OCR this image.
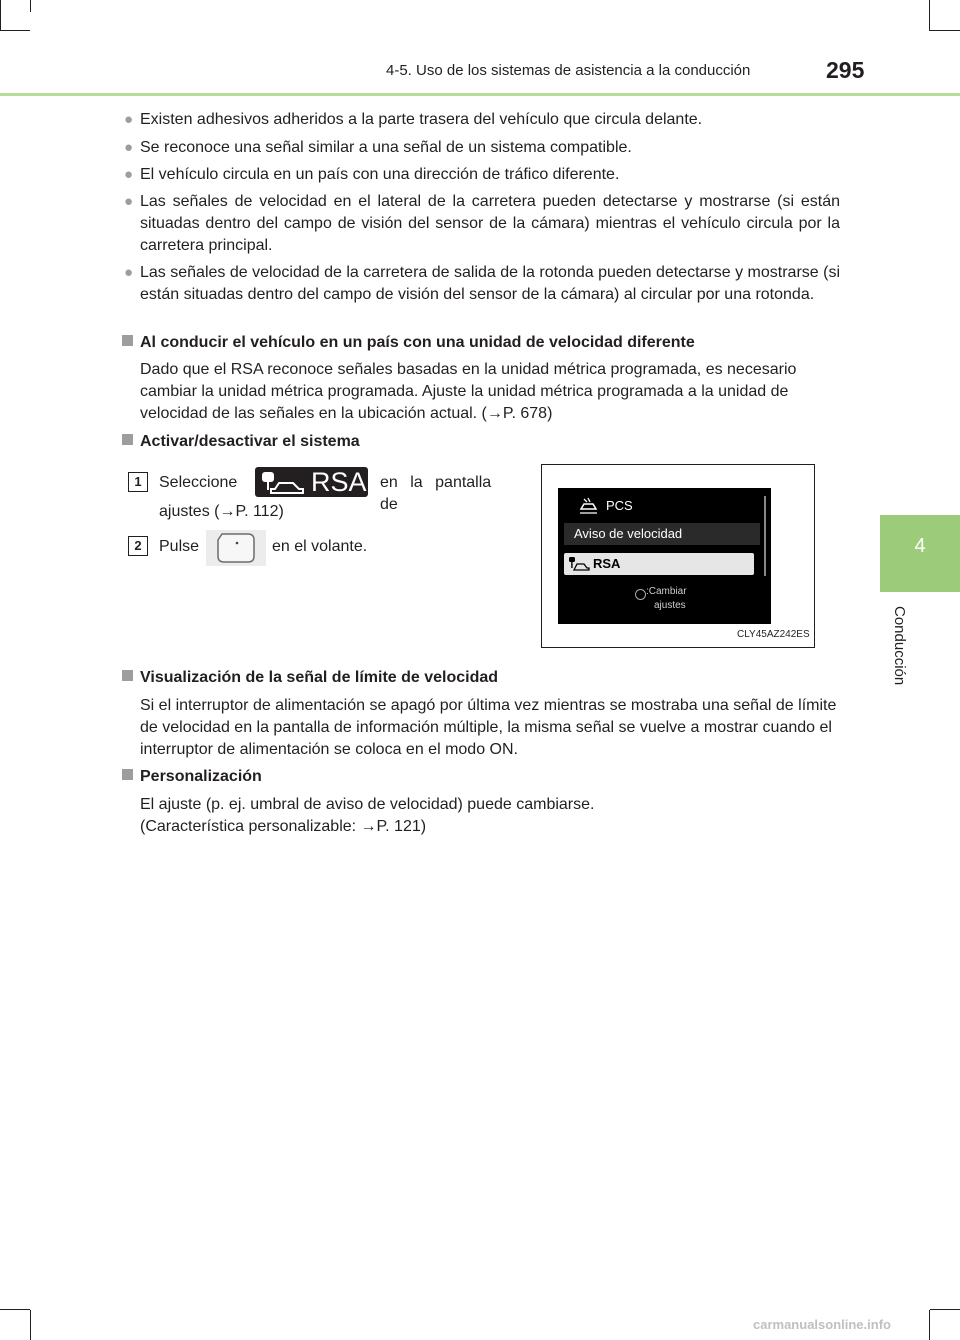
4-5. Uso de los sistemas de asistencia a la conducción	295
4
Conducción
● Existen adhesivos adheridos a la parte trasera del vehículo que circula delante.
● Se reconoce una señal similar a una señal de un sistema compatible.
● El vehículo circula en un país con una dirección de tráfico diferente.
● Las señales de velocidad en el lateral de la carretera pueden detectarse y mostrarse (si están situadas dentro del campo de visión del sensor de la cámara) mientras el vehículo circula por la carretera principal.
● Las señales de velocidad de la carretera de salida de la rotonda pueden detectarse y mostrarse (si están situadas dentro del campo de visión del sensor de la cámara) al circular por una rotonda.
Al conducir el vehículo en un país con una unidad de velocidad diferente
Dado que el RSA reconoce señales basadas en la unidad métrica programada, es necesario cambiar la unidad métrica programada. Ajuste la unidad métrica programada a la unidad de velocidad de las señales en la ubicación actual. (→P. 678)
Activar/desactivar el sistema
1	Seleccione	RSA en la pantalla de
ajustes (→P. 112)
2	Pulse	en el volante.
PCS
Aviso de velocidad
RSA
:Cambiar
ajustes
CLY45AZ242ES
Visualización de la señal de límite de velocidad
Si el interruptor de alimentación se apagó por última vez mientras se mostraba una señal de límite de velocidad en la pantalla de información múltiple, la misma señal se vuelve a mostrar cuando el interruptor de alimentación se coloca en el modo ON.
Personalización
El ajuste (p. ej. umbral de aviso de velocidad) puede cambiarse.
(Característica personalizable: →P. 121)
carmanualsonline.info
